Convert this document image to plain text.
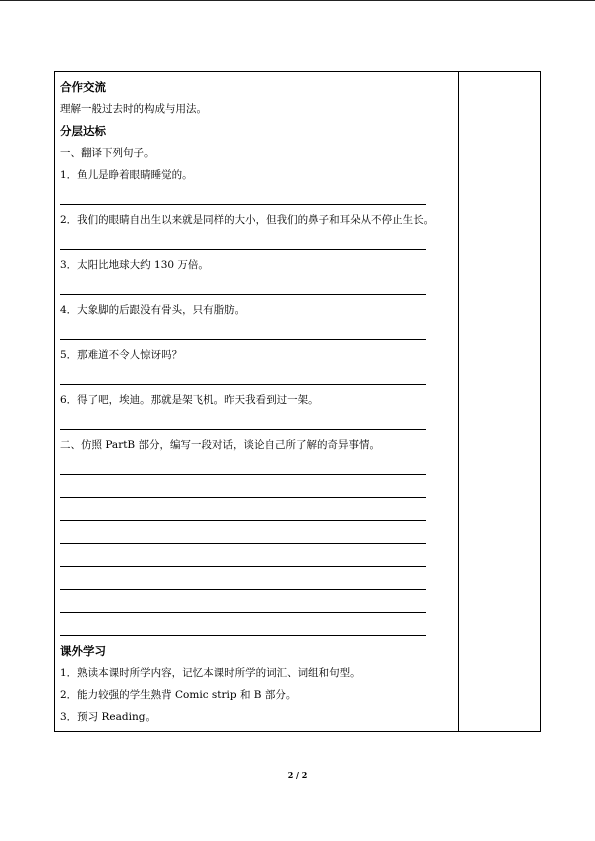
合作交流
理解一般过去时的构成与用法。
分层达标
一、翻译下列句子。
1．鱼儿是睁着眼睛睡觉的。
2．我们的眼睛自出生以来就是同样的大小，但我们的鼻子和耳朵从不停止生长。
3．太阳比地球大约 130 万倍。
4．大象脚的后跟没有骨头，只有脂肪。
5．那难道不令人惊讶吗？
6．得了吧，埃迪。那就是架飞机。昨天我看到过一架。
二、仿照 PartB 部分，编写一段对话，谈论自己所了解的奇异事情。
课外学习
1．熟读本课时所学内容，记忆本课时所学的词汇、词组和句型。
2．能力较强的学生熟背 Comic strip 和 B 部分。
3．预习 Reading。
2 / 2
